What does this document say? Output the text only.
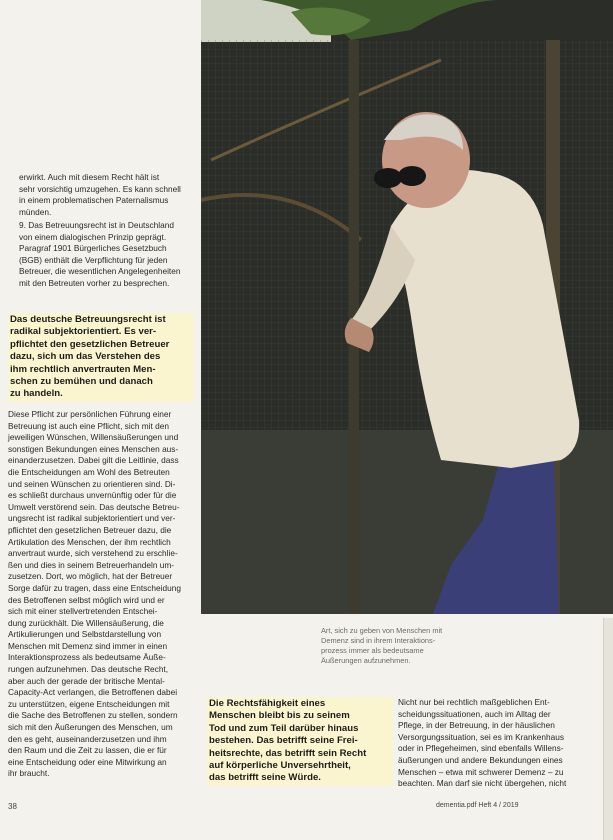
erwirkt. Auch mit diesem Recht hält ist
sehr vorsichtig umzugehen. Es kann schnell
in einem problematischen Paternalismus
münden.
9. Das Betreuungsrecht ist in Deutschland
von einem dialogischen Prinzip geprägt.
Paragraf 1901 Bürgerliches Gesetzbuch
(BGB) enthält die Verpflichtung für jeden
Betreuer, die wesentlichen Angelegenheiten
mit den Betreuten vorher zu besprechen.
Das deutsche Betreuungsrecht ist
radikal subjektorientiert. Es ver-
pflichtet den gesetzlichen Betreuer
dazu, sich um das Verstehen des
ihm rechtlich anvertrauten Men-
schen zu bemühen und danach
zu handeln.
Diese Pflicht zur persönlichen Führung einer
Betreuung ist auch eine Pflicht, sich mit den
jeweiligen Wünschen, Willensäußerungen und
sonstigen Bekundungen eines Menschen aus-
einanderzusetzen. Dabei gilt die Leitlinie, dass
die Entscheidungen am Wohl des Betreuten
und seinen Wünschen zu orientieren sind. Di-
es schließt durchaus unvernünftig oder für die
Umwelt verstörend sein. Das deutsche Betreu-
ungsrecht ist radikal subjektorientiert und ver-
pflichtet den gesetzlichen Betreuer dazu, die
Artikulation des Menschen, der ihm rechtlich
anvertraut wurde, sich verstehend zu erschlie-
ßen und dies in seinem Betreuerhandeln um-
zusetzen. Dort, wo möglich, hat der Betreuer
Sorge dafür zu tragen, dass eine Entscheidung
des Betroffenen selbst möglich wird und er
sich mit einer stellvertretenden Entschei-
dung zurückhält. Die Willensäußerung, die
Artikulierungen und Selbstdarstellung von
Menschen mit Demenz sind immer in einen
Interaktionsprozess als bedeutsame Äuße-
rungen aufzunehmen. Das deutsche Recht,
aber auch der gerade der britische Mental-
Capacity-Act verlangen, die Betroffenen dabei
zu unterstützen, eigene Entscheidungen mit
die Sache des Betroffenen zu stellen, sondern
sich mit den Äußerungen des Menschen, um
den es geht, auseinanderzusetzen und ihm
den Raum und die Zeit zu lassen, die er für
eine Entscheidung oder eine Mitwirkung an
ihr braucht.
Art, sich zu geben von Menschen mit
Demenz sind in ihrem Interaktions-
prozess immer als bedeutsame
Äußerungen aufzunehmen.
Die Rechtsfähigkeit eines
Menschen bleibt bis zu seinem
Tod und zum Teil darüber hinaus
bestehen. Das betrifft seine Frei-
heitsrechte, das betrifft sein Recht
auf körperliche Unversehrtheit,
das betrifft seine Würde.
Nicht nur bei rechtlich maßgeblichen Ent-
scheidungssituationen, auch im Alltag der
Pflege, in der Betreuung, in der häuslichen
Versorgungssituation, sei es im Krankenhaus
oder in Pflegeheimen, sind ebenfalls Willens-
äußerungen und andere Bekundungen eines
Menschen – etwa mit schwerer Demenz – zu
beachten. Man darf sie nicht übergehen, nicht
38	dementia.pdf Heft 4 / 2019
